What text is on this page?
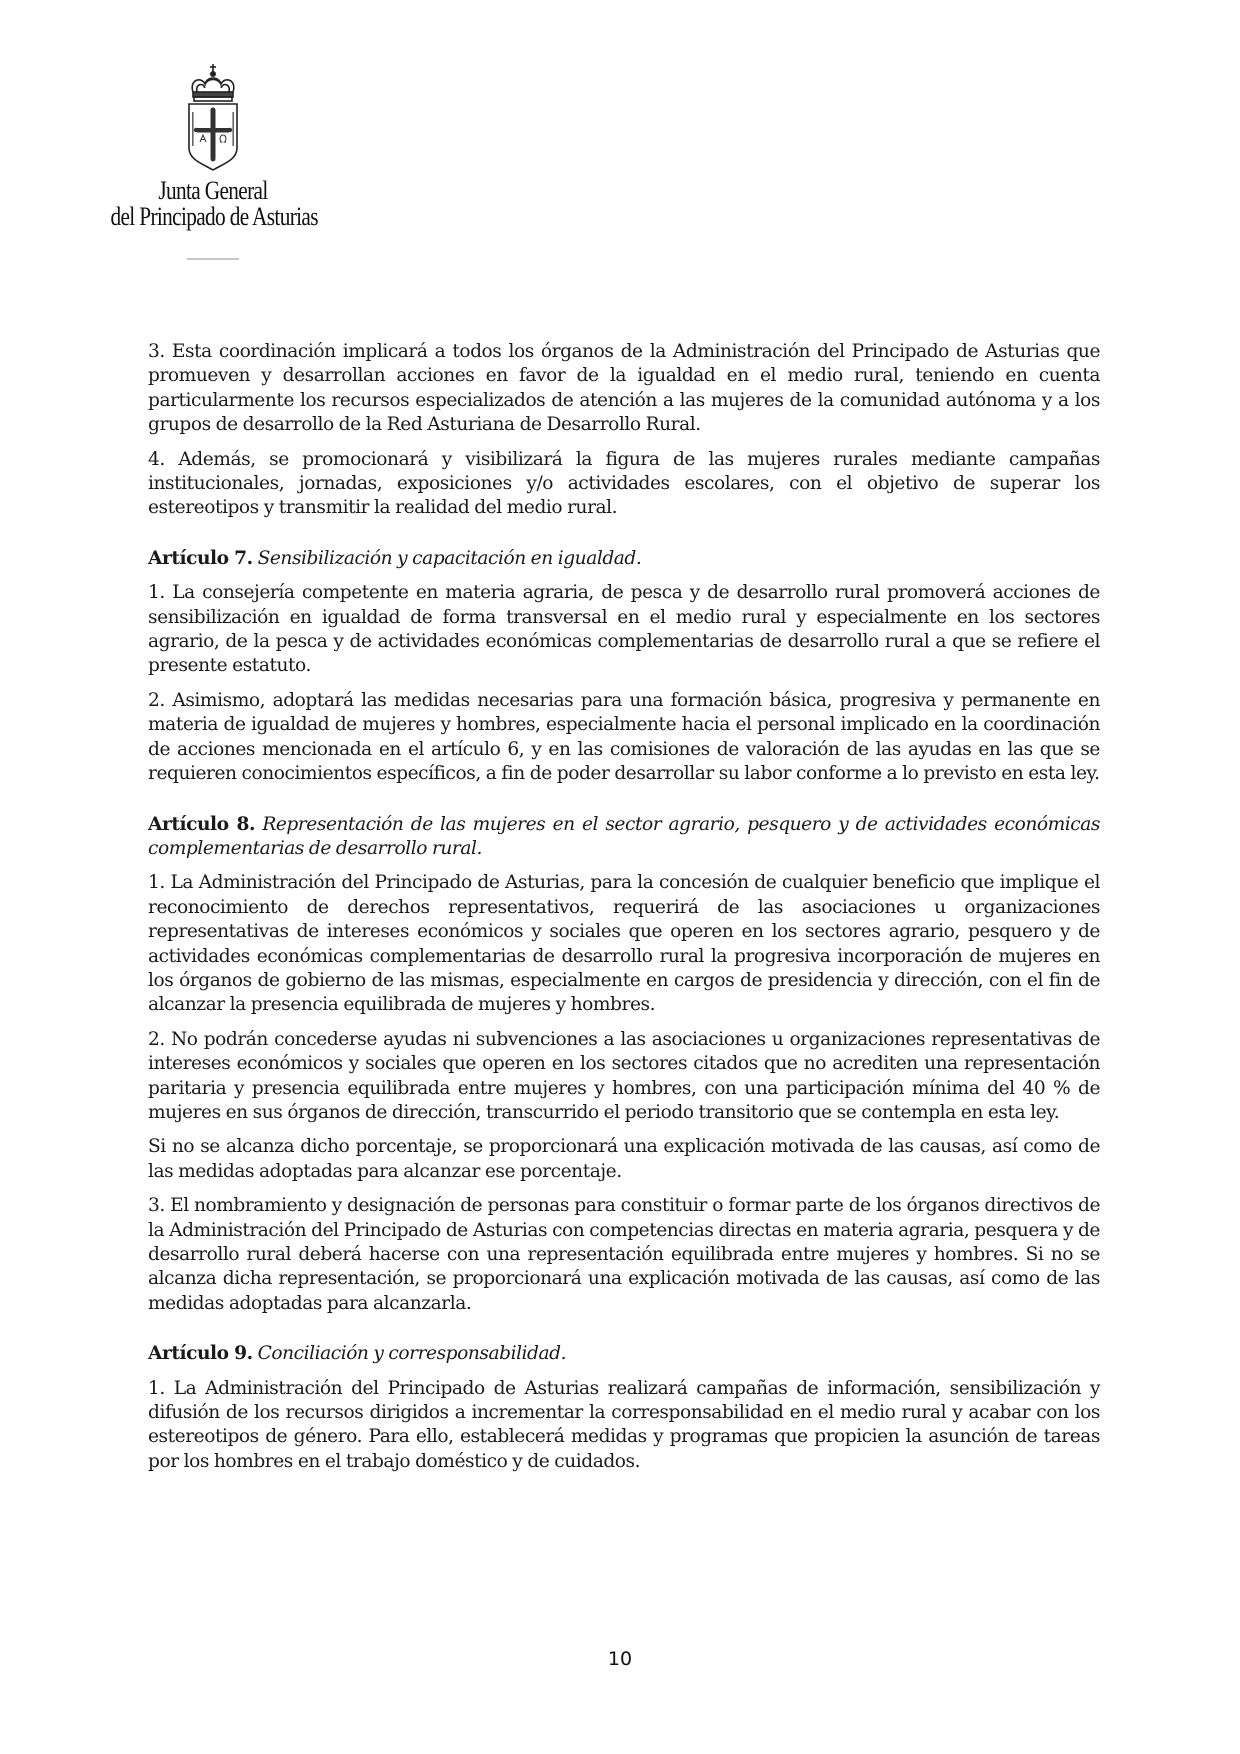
Junta General
del Principado de Asturias

3. Esta coordinación implicará a todos los órganos de la Administración del Principado de Asturias que promueven y desarrollan acciones en favor de la igualdad en el medio rural, teniendo en cuenta particularmente los recursos especializados de atención a las mujeres de la comunidad autónoma y a los grupos de desarrollo de la Red Asturiana de Desarrollo Rural.

4. Además, se promocionará y visibilizará la figura de las mujeres rurales mediante campañas institucionales, jornadas, exposiciones y/o actividades escolares, con el objetivo de superar los estereotipos y transmitir la realidad del medio rural.

Artículo 7. Sensibilización y capacitación en igualdad.

1. La consejería competente en materia agraria, de pesca y de desarrollo rural promoverá acciones de sensibilización en igualdad de forma transversal en el medio rural y especialmente en los sectores agrario, de la pesca y de actividades económicas complementarias de desarrollo rural a que se refiere el presente estatuto.

2. Asimismo, adoptará las medidas necesarias para una formación básica, progresiva y permanente en materia de igualdad de mujeres y hombres, especialmente hacia el personal implicado en la coordinación de acciones mencionada en el artículo 6, y en las comisiones de valoración de las ayudas en las que se requieren conocimientos específicos, a fin de poder desarrollar su labor conforme a lo previsto en esta ley.

Artículo 8. Representación de las mujeres en el sector agrario, pesquero y de actividades económicas complementarias de desarrollo rural.

1. La Administración del Principado de Asturias, para la concesión de cualquier beneficio que implique el reconocimiento de derechos representativos, requerirá de las asociaciones u organizaciones representativas de intereses económicos y sociales que operen en los sectores agrario, pesquero y de actividades económicas complementarias de desarrollo rural la progresiva incorporación de mujeres en los órganos de gobierno de las mismas, especialmente en cargos de presidencia y dirección, con el fin de alcanzar la presencia equilibrada de mujeres y hombres.

2. No podrán concederse ayudas ni subvenciones a las asociaciones u organizaciones representativas de intereses económicos y sociales que operen en los sectores citados que no acrediten una representación paritaria y presencia equilibrada entre mujeres y hombres, con una participación mínima del 40 % de mujeres en sus órganos de dirección, transcurrido el periodo transitorio que se contempla en esta ley.

Si no se alcanza dicho porcentaje, se proporcionará una explicación motivada de las causas, así como de las medidas adoptadas para alcanzar ese porcentaje.

3. El nombramiento y designación de personas para constituir o formar parte de los órganos directivos de la Administración del Principado de Asturias con competencias directas en materia agraria, pesquera y de desarrollo rural deberá hacerse con una representación equilibrada entre mujeres y hombres. Si no se alcanza dicha representación, se proporcionará una explicación motivada de las causas, así como de las medidas adoptadas para alcanzarla.

Artículo 9. Conciliación y corresponsabilidad.

1. La Administración del Principado de Asturias realizará campañas de información, sensibilización y difusión de los recursos dirigidos a incrementar la corresponsabilidad en el medio rural y acabar con los estereotipos de género. Para ello, establecerá medidas y programas que propicien la asunción de tareas por los hombres en el trabajo doméstico y de cuidados.

10
